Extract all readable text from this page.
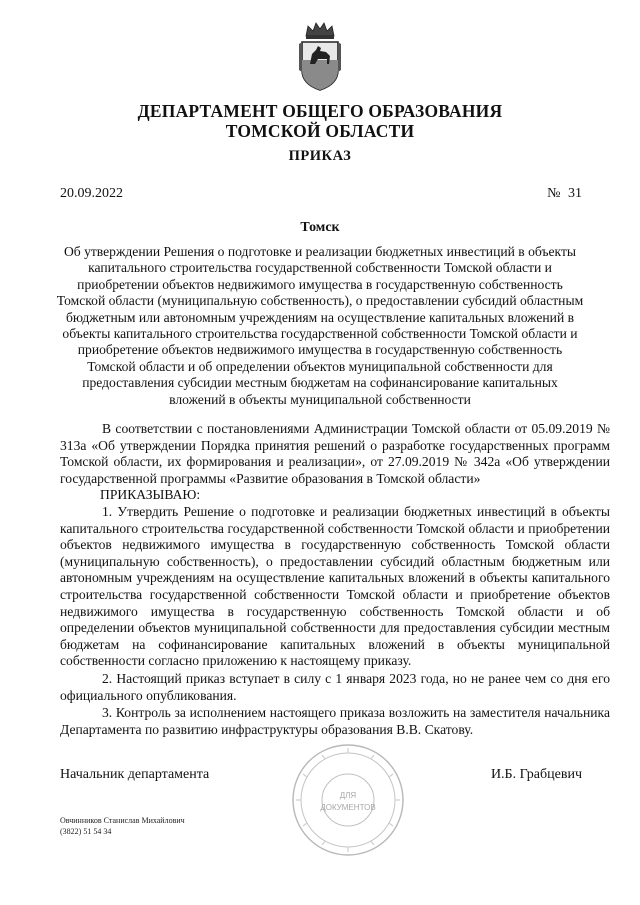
ДЕПАРТАМЕНТ ОБЩЕГО ОБРАЗОВАНИЯ
ТОМСКОЙ ОБЛАСТИ
ПРИКАЗ
20.09.2022	№ 31
Томск
Об утверждении Решения о подготовке и реализации бюджетных инвестиций в объекты
капитального строительства государственной собственности Томской области и
приобретении объектов недвижимого имущества в государственную собственность
Томской области (муниципальную собственность), о предоставлении субсидий областным
бюджетным или автономным учреждениям на осуществление капитальных вложений в
объекты капитального строительства государственной собственности Томской области и
приобретение объектов недвижимого имущества в государственную собственность
Томской области и об определении объектов муниципальной собственности для
предоставления субсидии местным бюджетам на софинансирование капитальных
вложений в объекты муниципальной собственности

В соответствии с постановлениями Администрации Томской области от 05.09.2019 № 313а «Об утверждении Порядка принятия решений о разработке государственных программ Томской области, их формирования и реализации», от 27.09.2019 № 342а «Об утверждении государственной программы «Развитие образования в Томской области»

ПРИКАЗЫВАЮ:

1. Утвердить Решение о подготовке и реализации бюджетных инвестиций в объекты капитального строительства государственной собственности Томской области и приобретении объектов недвижимого имущества в государственную собственность Томской области (муниципальную собственность), о предоставлении субсидий областным бюджетным или автономным учреждениям на осуществление капитальных вложений в объекты капитального строительства государственной собственности Томской области и приобретение объектов недвижимого имущества в государственную собственность Томской области и об определении объектов муниципальной собственности для предоставления субсидии местным бюджетам на софинансирование капитальных вложений в объекты муниципальной собственности согласно приложению к настоящему приказу.

2. Настоящий приказ вступает в силу с 1 января 2023 года, но не ранее чем со дня его официального опубликования.

3. Контроль за исполнением настоящего приказа возложить на заместителя начальника Департамента по развитию инфраструктуры образования В.В. Скатову.

ДЛЯ
ДОКУМЕНТОВ
Начальник департамента	И.Б. Грабцевич
Овчинников Станислав Михайлович
(3822) 51 54 34
